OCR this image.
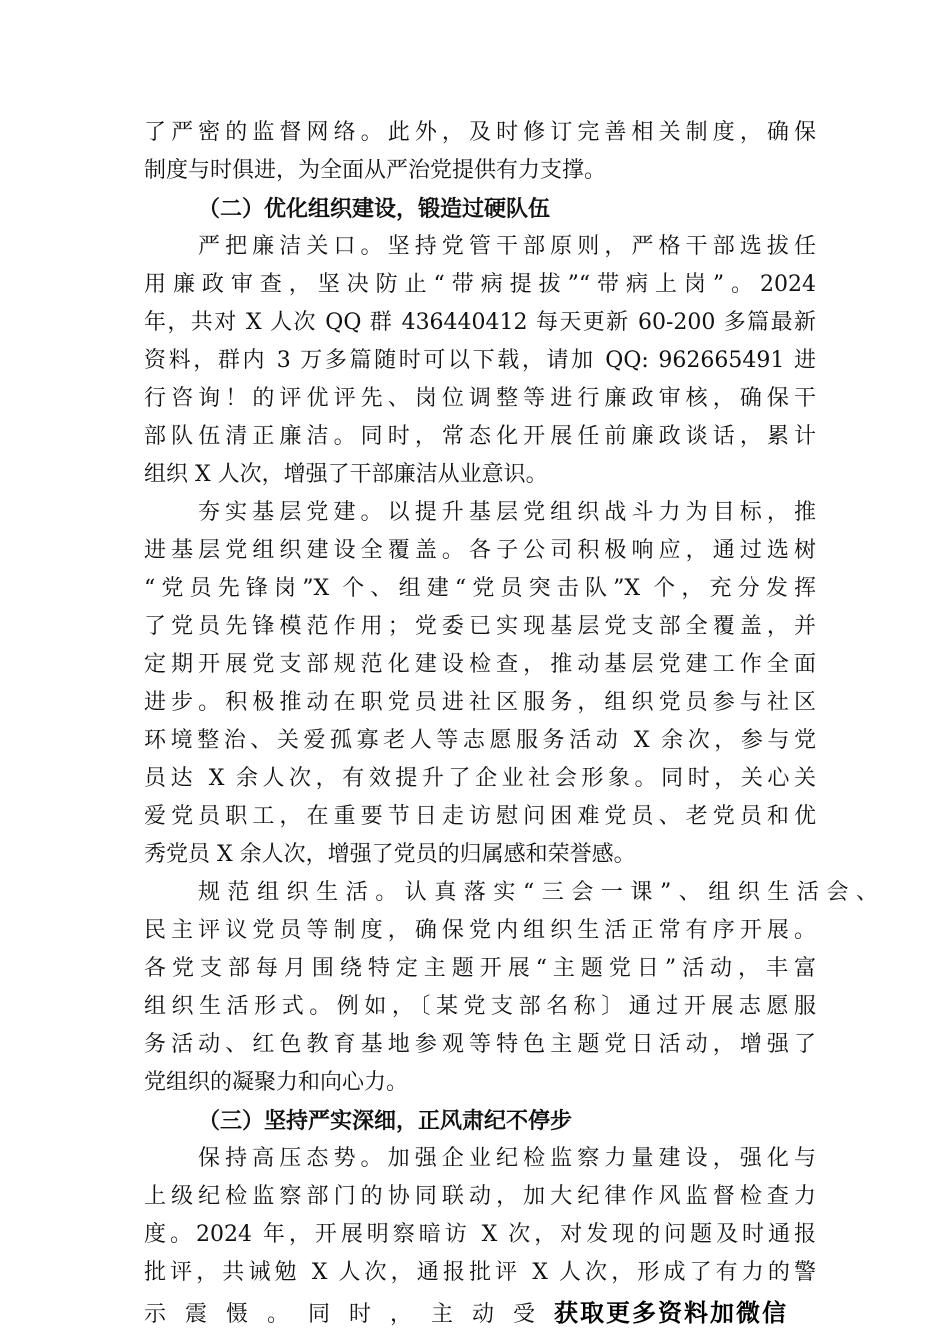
了严密的监督网络。此外，及时修订完善相关制度，确保
制度与时俱进，为全面从严治党提供有力支撑。
（二）优化组织建设，锻造过硬队伍
严把廉洁关口。坚持党管干部原则，严格干部选拔任
用廉政审查，坚决防止“带病提拔”“带病上岗”。2024
年，共对 X 人次 QQ 群 436440412 每天更新 60-200 多篇最新
资料，群内 3 万多篇随时可以下载，请加 QQ: 962665491 进
行咨询！的评优评先、岗位调整等进行廉政审核，确保干
部队伍清正廉洁。同时，常态化开展任前廉政谈话，累计
组织 X 人次，增强了干部廉洁从业意识。
夯实基层党建。以提升基层党组织战斗力为目标，推
进基层党组织建设全覆盖。各子公司积极响应，通过选树
“党员先锋岗”X 个、组建“党员突击队”X 个，充分发挥
了党员先锋模范作用；党委已实现基层党支部全覆盖，并
定期开展党支部规范化建设检查，推动基层党建工作全面
进步。积极推动在职党员进社区服务，组织党员参与社区
环境整治、关爱孤寡老人等志愿服务活动 X 余次，参与党
员达 X 余人次，有效提升了企业社会形象。同时，关心关
爱党员职工，在重要节日走访慰问困难党员、老党员和优
秀党员 X 余人次，增强了党员的归属感和荣誉感。
规范组织生活。认真落实“三会一课”、组织生活会、
民主评议党员等制度，确保党内组织生活正常有序开展。
各党支部每月围绕特定主题开展“主题党日”活动，丰富
组织生活形式。例如，〔某党支部名称〕通过开展志愿服
务活动、红色教育基地参观等特色主题党日活动，增强了
党组织的凝聚力和向心力。
（三）坚持严实深细，正风肃纪不停步
保持高压态势。加强企业纪检监察力量建设，强化与
上级纪检监察部门的协同联动，加大纪律作风监督检查力
度。2024 年，开展明察暗访 X 次，对发现的问题及时通报
批评，共诫勉 X 人次，通报批评 X 人次，形成了有力的警
示震慑。同时，主动受获取更多资料加微信
